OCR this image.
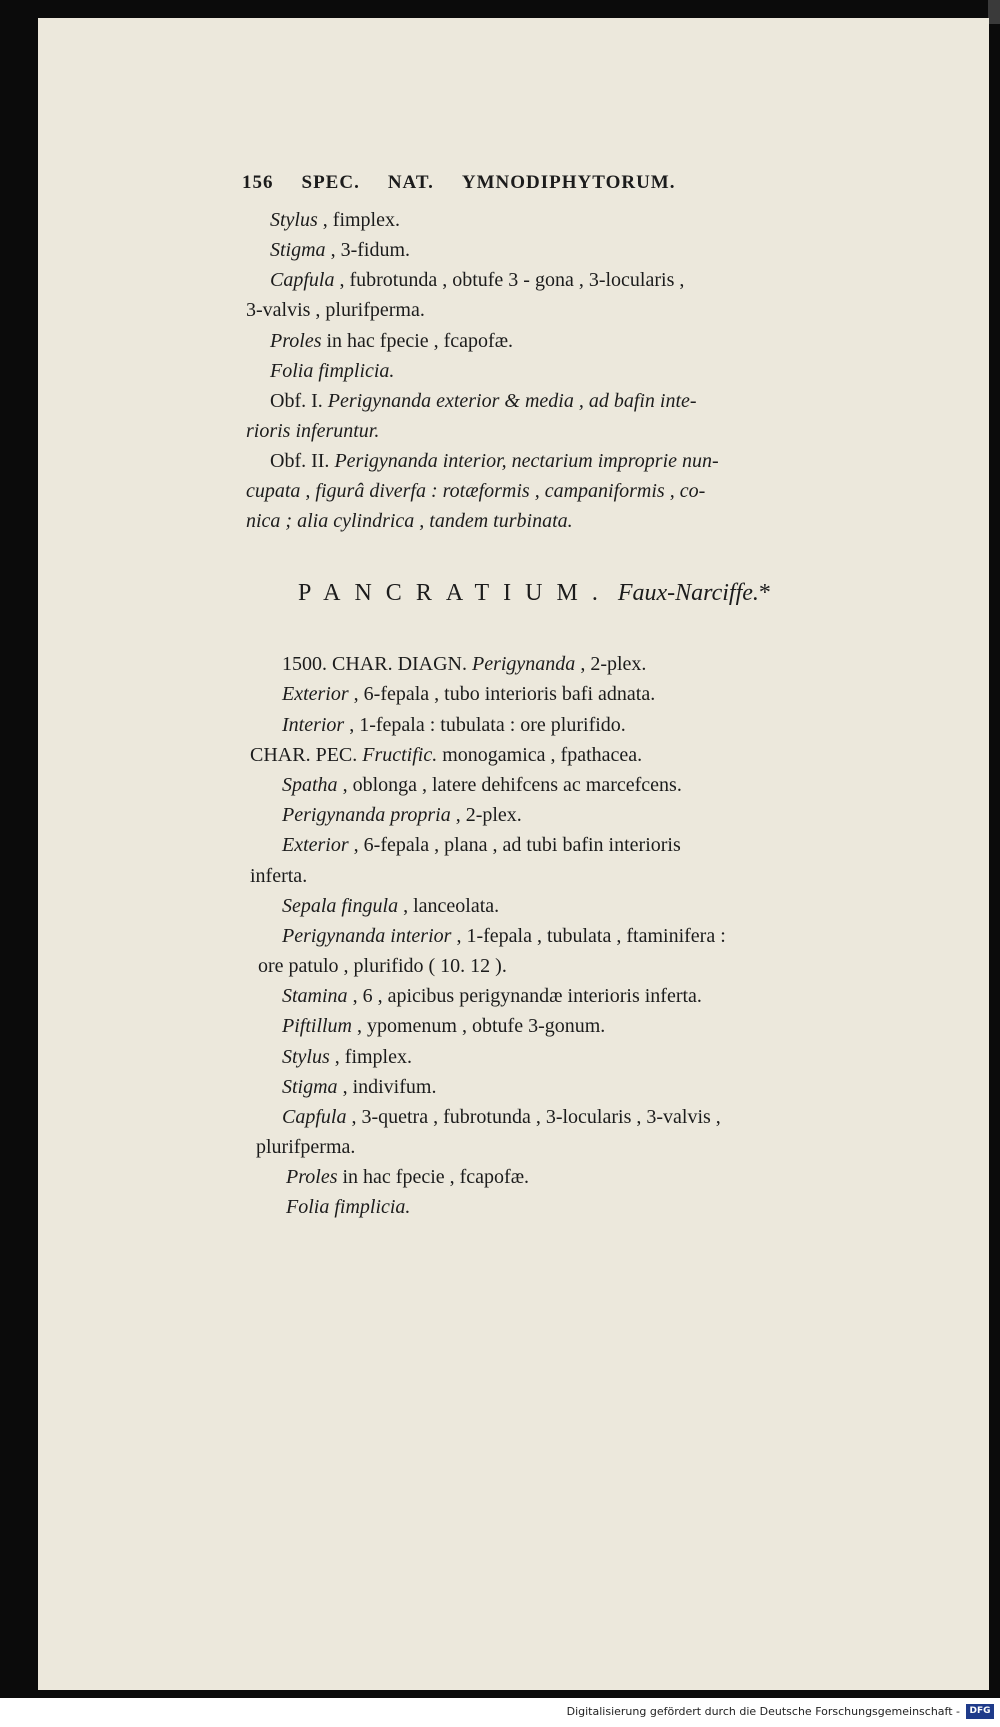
156 SPEC. NAT. YMNODIPHYTORUM.

Stylus , fimplex.

Stigma , 3-fidum.

Capfula , fubrotunda , obtufe 3 - gona , 3-locularis ,

3-valvis , plurifperma.

Proles in hac fpecie , fcapofæ.

Folia fimplicia.

Obf. I. Perigynanda exterior & media , ad bafin inte-

rioris inferuntur.

Obf. II. Perigynanda interior, nectarium improprie nun-

cupata , figurâ diverfa : rotæformis , campaniformis , co-

nica ; alia cylindrica , tandem turbinata.

PANCRATIUM. Faux-Narciffe.*

1500. CHAR. DIAGN. Perigynanda , 2-plex.

Exterior , 6-fepala , tubo interioris bafi adnata.

Interior , 1-fepala : tubulata : ore plurifido.

CHAR. PEC. Fructific. monogamica , fpathacea.

Spatha , oblonga , latere dehifcens ac marcefcens.

Perigynanda propria , 2-plex.

Exterior , 6-fepala , plana , ad tubi bafin interioris

inferta.

Sepala fingula , lanceolata.

Perigynanda interior , 1-fepala , tubulata , ftaminifera :

ore patulo , plurifido ( 10. 12 ).

Stamina , 6 , apicibus perigynandæ interioris inferta.

Piftillum , ypomenum , obtufe 3-gonum.

Stylus , fimplex.

Stigma , indivifum.

Capfula , 3-quetra , fubrotunda , 3-locularis , 3-valvis ,

plurifperma.

Proles in hac fpecie , fcapofæ.

Folia fimplicia.

Digitalisierung gefördert durch die Deutsche Forschungsgemeinschaft -	DFG
